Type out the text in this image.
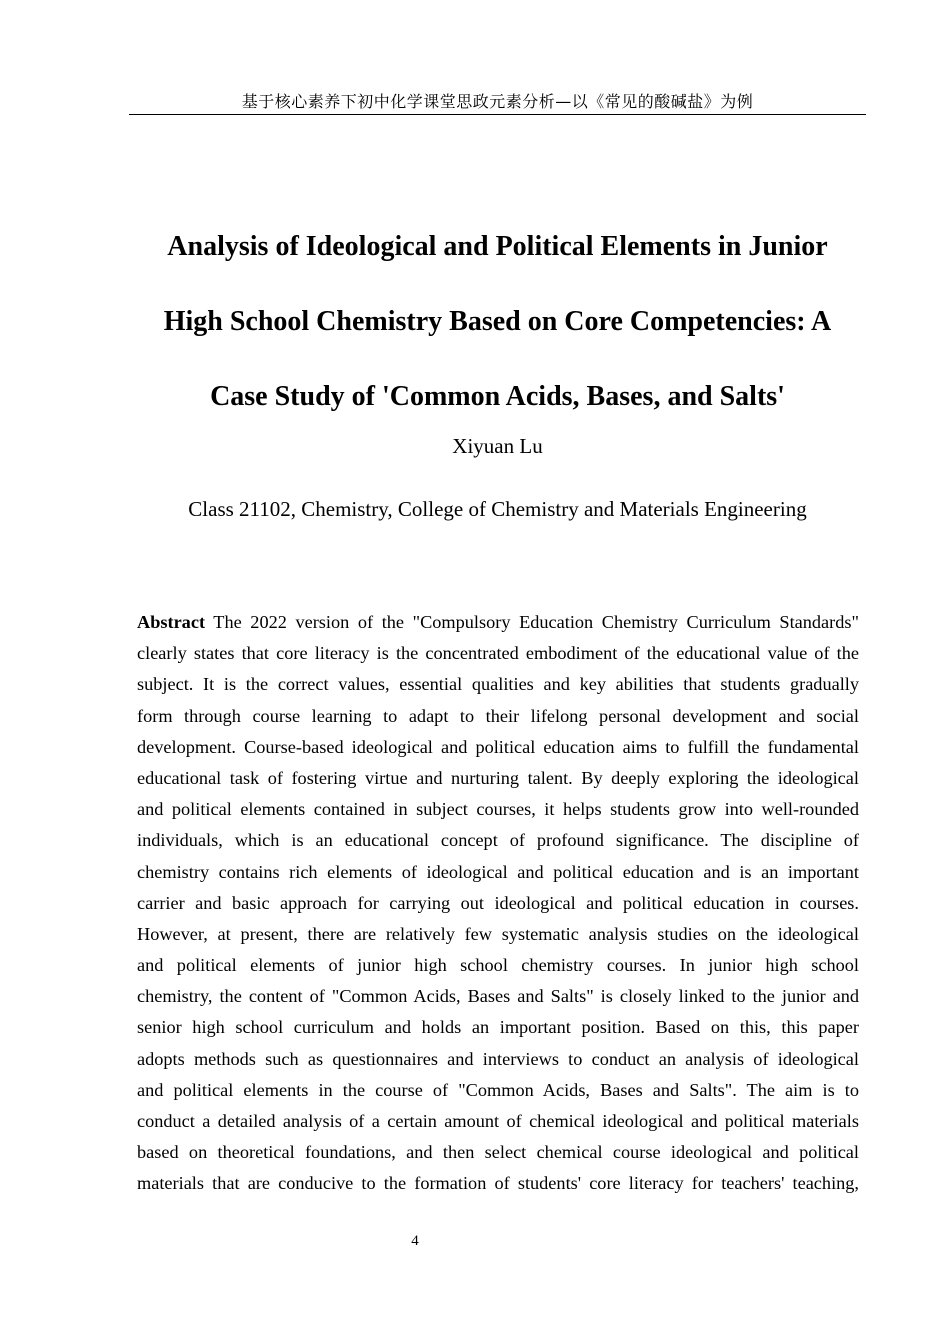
基于核心素养下初中化学课堂思政元素分析—以《常见的酸碱盐》为例
Analysis of Ideological and Political Elements in Junior
High School Chemistry Based on Core Competencies: A
Case Study of 'Common Acids, Bases, and Salts'
Xiyuan Lu
Class 21102, Chemistry, College of Chemistry and Materials Engineering
Abstract The 2022 version of the "Compulsory Education Chemistry Curriculum Standards"
clearly states that core literacy is the concentrated embodiment of the educational value of the
subject. It is the correct values, essential qualities and key abilities that students gradually
form through course learning to adapt to their lifelong personal development and social
development. Course-based ideological and political education aims to fulfill the fundamental
educational task of fostering virtue and nurturing talent. By deeply exploring the ideological
and political elements contained in subject courses, it helps students grow into well-rounded
individuals, which is an educational concept of profound significance. The discipline of
chemistry contains rich elements of ideological and political education and is an important
carrier and basic approach for carrying out ideological and political education in courses.
However, at present, there are relatively few systematic analysis studies on the ideological
and political elements of junior high school chemistry courses. In junior high school
chemistry, the content of "Common Acids, Bases and Salts" is closely linked to the junior and
senior high school curriculum and holds an important position. Based on this, this paper
adopts methods such as questionnaires and interviews to conduct an analysis of ideological
and political elements in the course of "Common Acids, Bases and Salts". The aim is to
conduct a detailed analysis of a certain amount of chemical ideological and political materials
based on theoretical foundations, and then select chemical course ideological and political
materials that are conducive to the formation of students' core literacy for teachers' teaching,
4
